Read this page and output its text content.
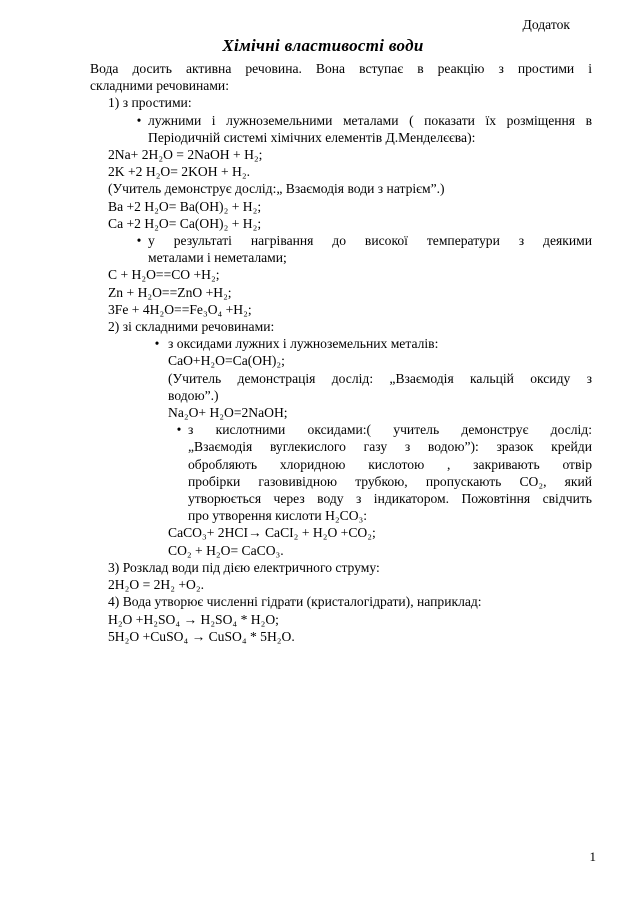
Додаток
Хімічні властивості води
Вода досить активна речовина. Вона вступає в реакцію з простими і
складними речовинами:
1) з простими:
• лужними і лужноземельними металами ( показати їх розміщення в
Періодичній системі хімічних елементів Д.Менделєєва):
2Na+ 2H₂O = 2NaOH + H₂;
2K +2 H₂O= 2KOH + H₂.
(Учитель демонструє дослід:„ Взаємодія води з натрієм”.)
Ba +2 H₂O= Ba(OH)₂ + H₂;
Ca +2 H₂O= Ca(OH)₂ + H₂;
• у результаті нагрівання до високої температури з деякими
металами і неметалами;
C + H₂O==CO +H₂;
Zn + H₂O==ZnO +H₂;
3Fe + 4H₂O==Fe₃O₄ +H₂;
2) зі складними речовинами:
• з оксидами лужних і лужноземельних металів:
CaO+H₂O=Ca(OH)₂;
(Учитель демонстрація дослід: „Взаємодія кальцій оксиду з
водою”.)
Na₂O+ H₂O=2NaOH;
• з кислотними оксидами:( учитель демонструє дослід:
„Взаємодія вуглекислого газу з водою”): зразок крейди
обробляють хлоридною кислотою , закривають отвір
пробірки газовивідною трубкою, пропускають CO₂, який
утворюється через воду з індикатором. Пожовтіння свідчить
про утворення кислоти H₂CO₃:
CaCO₃+ 2HCI→ CaCI₂ + H₂O +CO₂;
CO₂ + H₂O= CaCO₃.
3) Розклад води під дією електричного струму:
2H₂O = 2H₂ +O₂.
4) Вода утворює численні гідрати (кристалогідрати), наприклад:
H₂O +H₂SO₄ → H₂SO₄ * H₂O;
5H₂O +CuSO₄ → CuSO₄ * 5H₂O.
1
